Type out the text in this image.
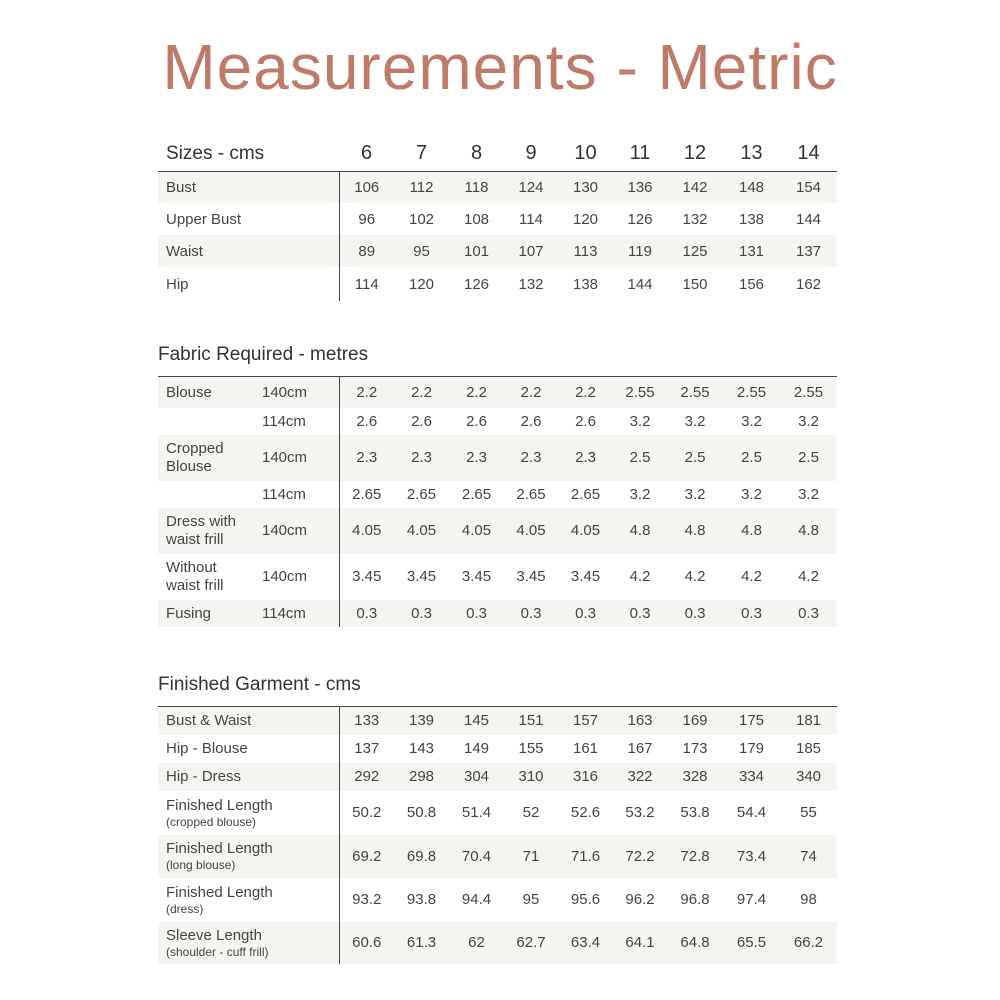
Measurements - Metric
Sizes - cms	6	7	8	9	10	11	12	13	14
Bust	106	112	118	124	130	136	142	148	154
Upper Bust	96	102	108	114	120	126	132	138	144
Waist	89	95	101	107	113	119	125	131	137
Hip	114	120	126	132	138	144	150	156	162
Fabric Required - metres
Blouse	140cm	2.2	2.2	2.2	2.2	2.2	2.55	2.55	2.55	2.55
	114cm	2.6	2.6	2.6	2.6	2.6	3.2	3.2	3.2	3.2

Cropped
Blouse	140cm	2.3	2.3	2.3	2.3	2.3	2.5	2.5	2.5	2.5
	114cm	2.65	2.65	2.65	2.65	2.65	3.2	3.2	3.2	3.2

Dress with
waist frill	140cm	4.05	4.05	4.05	4.05	4.05	4.8	4.8	4.8	4.8

Without
waist frill	140cm	3.45	3.45	3.45	3.45	3.45	4.2	4.2	4.2	4.2
Fusing	114cm	0.3	0.3	0.3	0.3	0.3	0.3	0.3	0.3	0.3
Finished Garment - cms
Bust & Waist	133	139	145	151	157	163	169	175	181
Hip - Blouse	137	143	149	155	161	167	173	179	185
Hip - Dress	292	298	304	310	316	322	328	334	340

Finished Length
(cropped blouse)	50.2	50.8	51.4	52	52.6	53.2	53.8	54.4	55

Finished Length
(long blouse)	69.2	69.8	70.4	71	71.6	72.2	72.8	73.4	74

Finished Length
(dress)	93.2	93.8	94.4	95	95.6	96.2	96.8	97.4	98

Sleeve Length
(shoulder - cuff frill)	60.6	61.3	62	62.7	63.4	64.1	64.8	65.5	66.2
